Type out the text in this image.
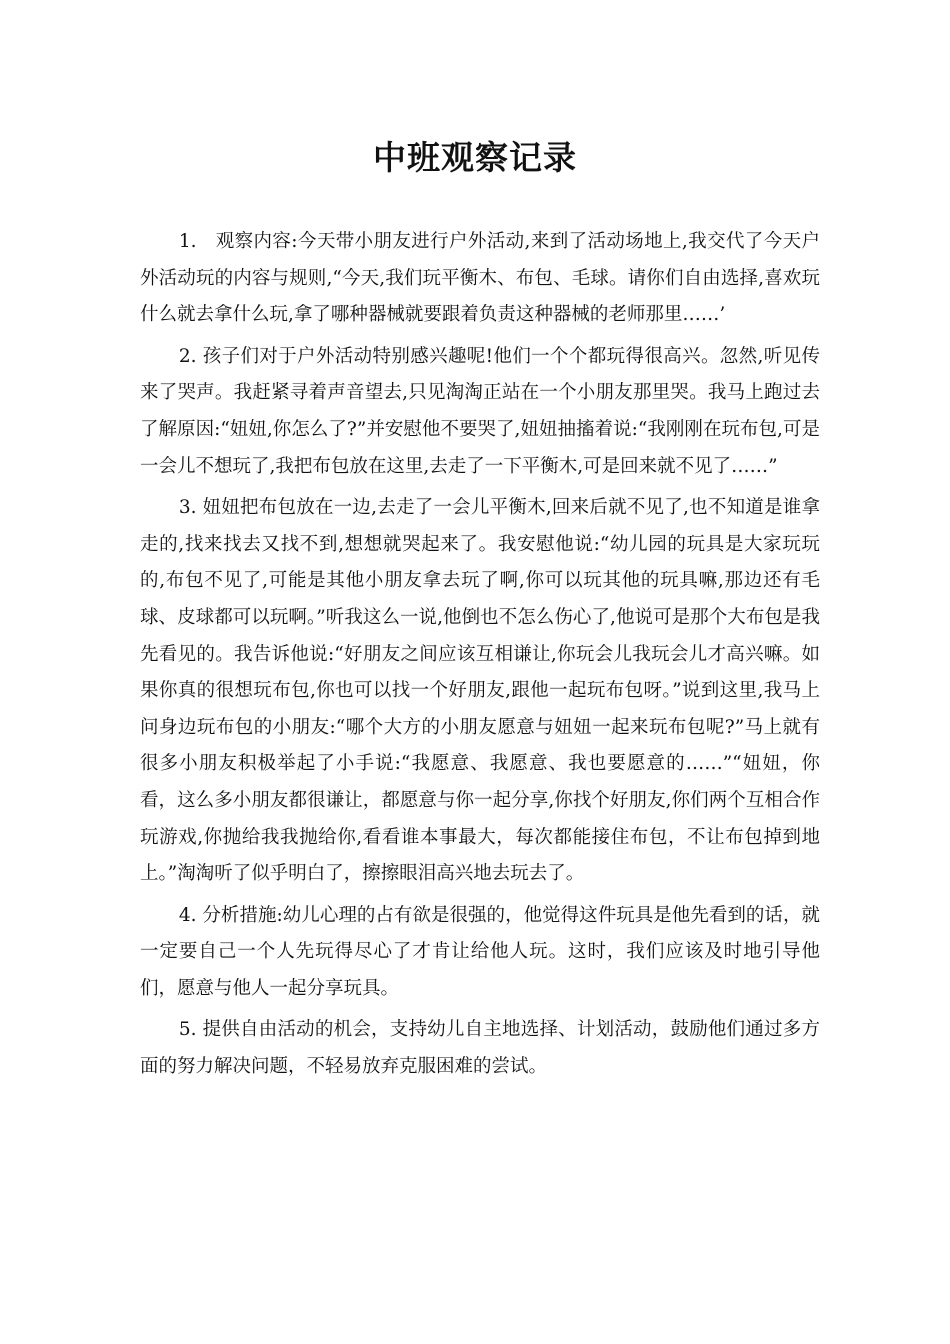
中班观察记录

1.　观察内容:今天带小朋友进行户外活动,来到了活动场地上,我交代了今天户外活动玩的内容与规则,“今天,我们玩平衡木、布包、毛球。请你们自由选择,喜欢玩什么就去拿什么玩,拿了哪种器械就要跟着负责这种器械的老师那里……’

2. 孩子们对于户外活动特别感兴趣呢!他们一个个都玩得很高兴。忽然,听见传来了哭声。我赶紧寻着声音望去,只见淘淘正站在一个小朋友那里哭。我马上跑过去了解原因:“妞妞,你怎么了?”并安慰他不要哭了,妞妞抽搐着说:“我刚刚在玩布包,可是一会儿不想玩了,我把布包放在这里,去走了一下平衡木,可是回来就不见了……”

3. 妞妞把布包放在一边,去走了一会儿平衡木,回来后就不见了,也不知道是谁拿走的,找来找去又找不到,想想就哭起来了。我安慰他说:“幼儿园的玩具是大家玩玩的,布包不见了,可能是其他小朋友拿去玩了啊,你可以玩其他的玩具嘛,那边还有毛球、皮球都可以玩啊。”听我这么一说,他倒也不怎么伤心了,他说可是那个大布包是我先看见的。我告诉他说:“好朋友之间应该互相谦让,你玩会儿我玩会儿才高兴嘛。如果你真的很想玩布包,你也可以找一个好朋友,跟他一起玩布包呀。”说到这里,我马上问身边玩布包的小朋友:“哪个大方的小朋友愿意与妞妞一起来玩布包呢?”马上就有很多小朋友积极举起了小手说:“我愿意、我愿意、我也要愿意的……”“妞妞，你看，这么多小朋友都很谦让，都愿意与你一起分享,你找个好朋友,你们两个互相合作玩游戏,你抛给我我抛给你,看看谁本事最大，每次都能接住布包，不让布包掉到地上。”淘淘听了似乎明白了，擦擦眼泪高兴地去玩去了。

4. 分析措施:幼儿心理的占有欲是很强的，他觉得这件玩具是他先看到的话，就一定要自己一个人先玩得尽心了才肯让给他人玩。这时，我们应该及时地引导他们，愿意与他人一起分享玩具。

5. 提供自由活动的机会，支持幼儿自主地选择、计划活动，鼓励他们通过多方面的努力解决问题，不轻易放弃克服困难的尝试。
